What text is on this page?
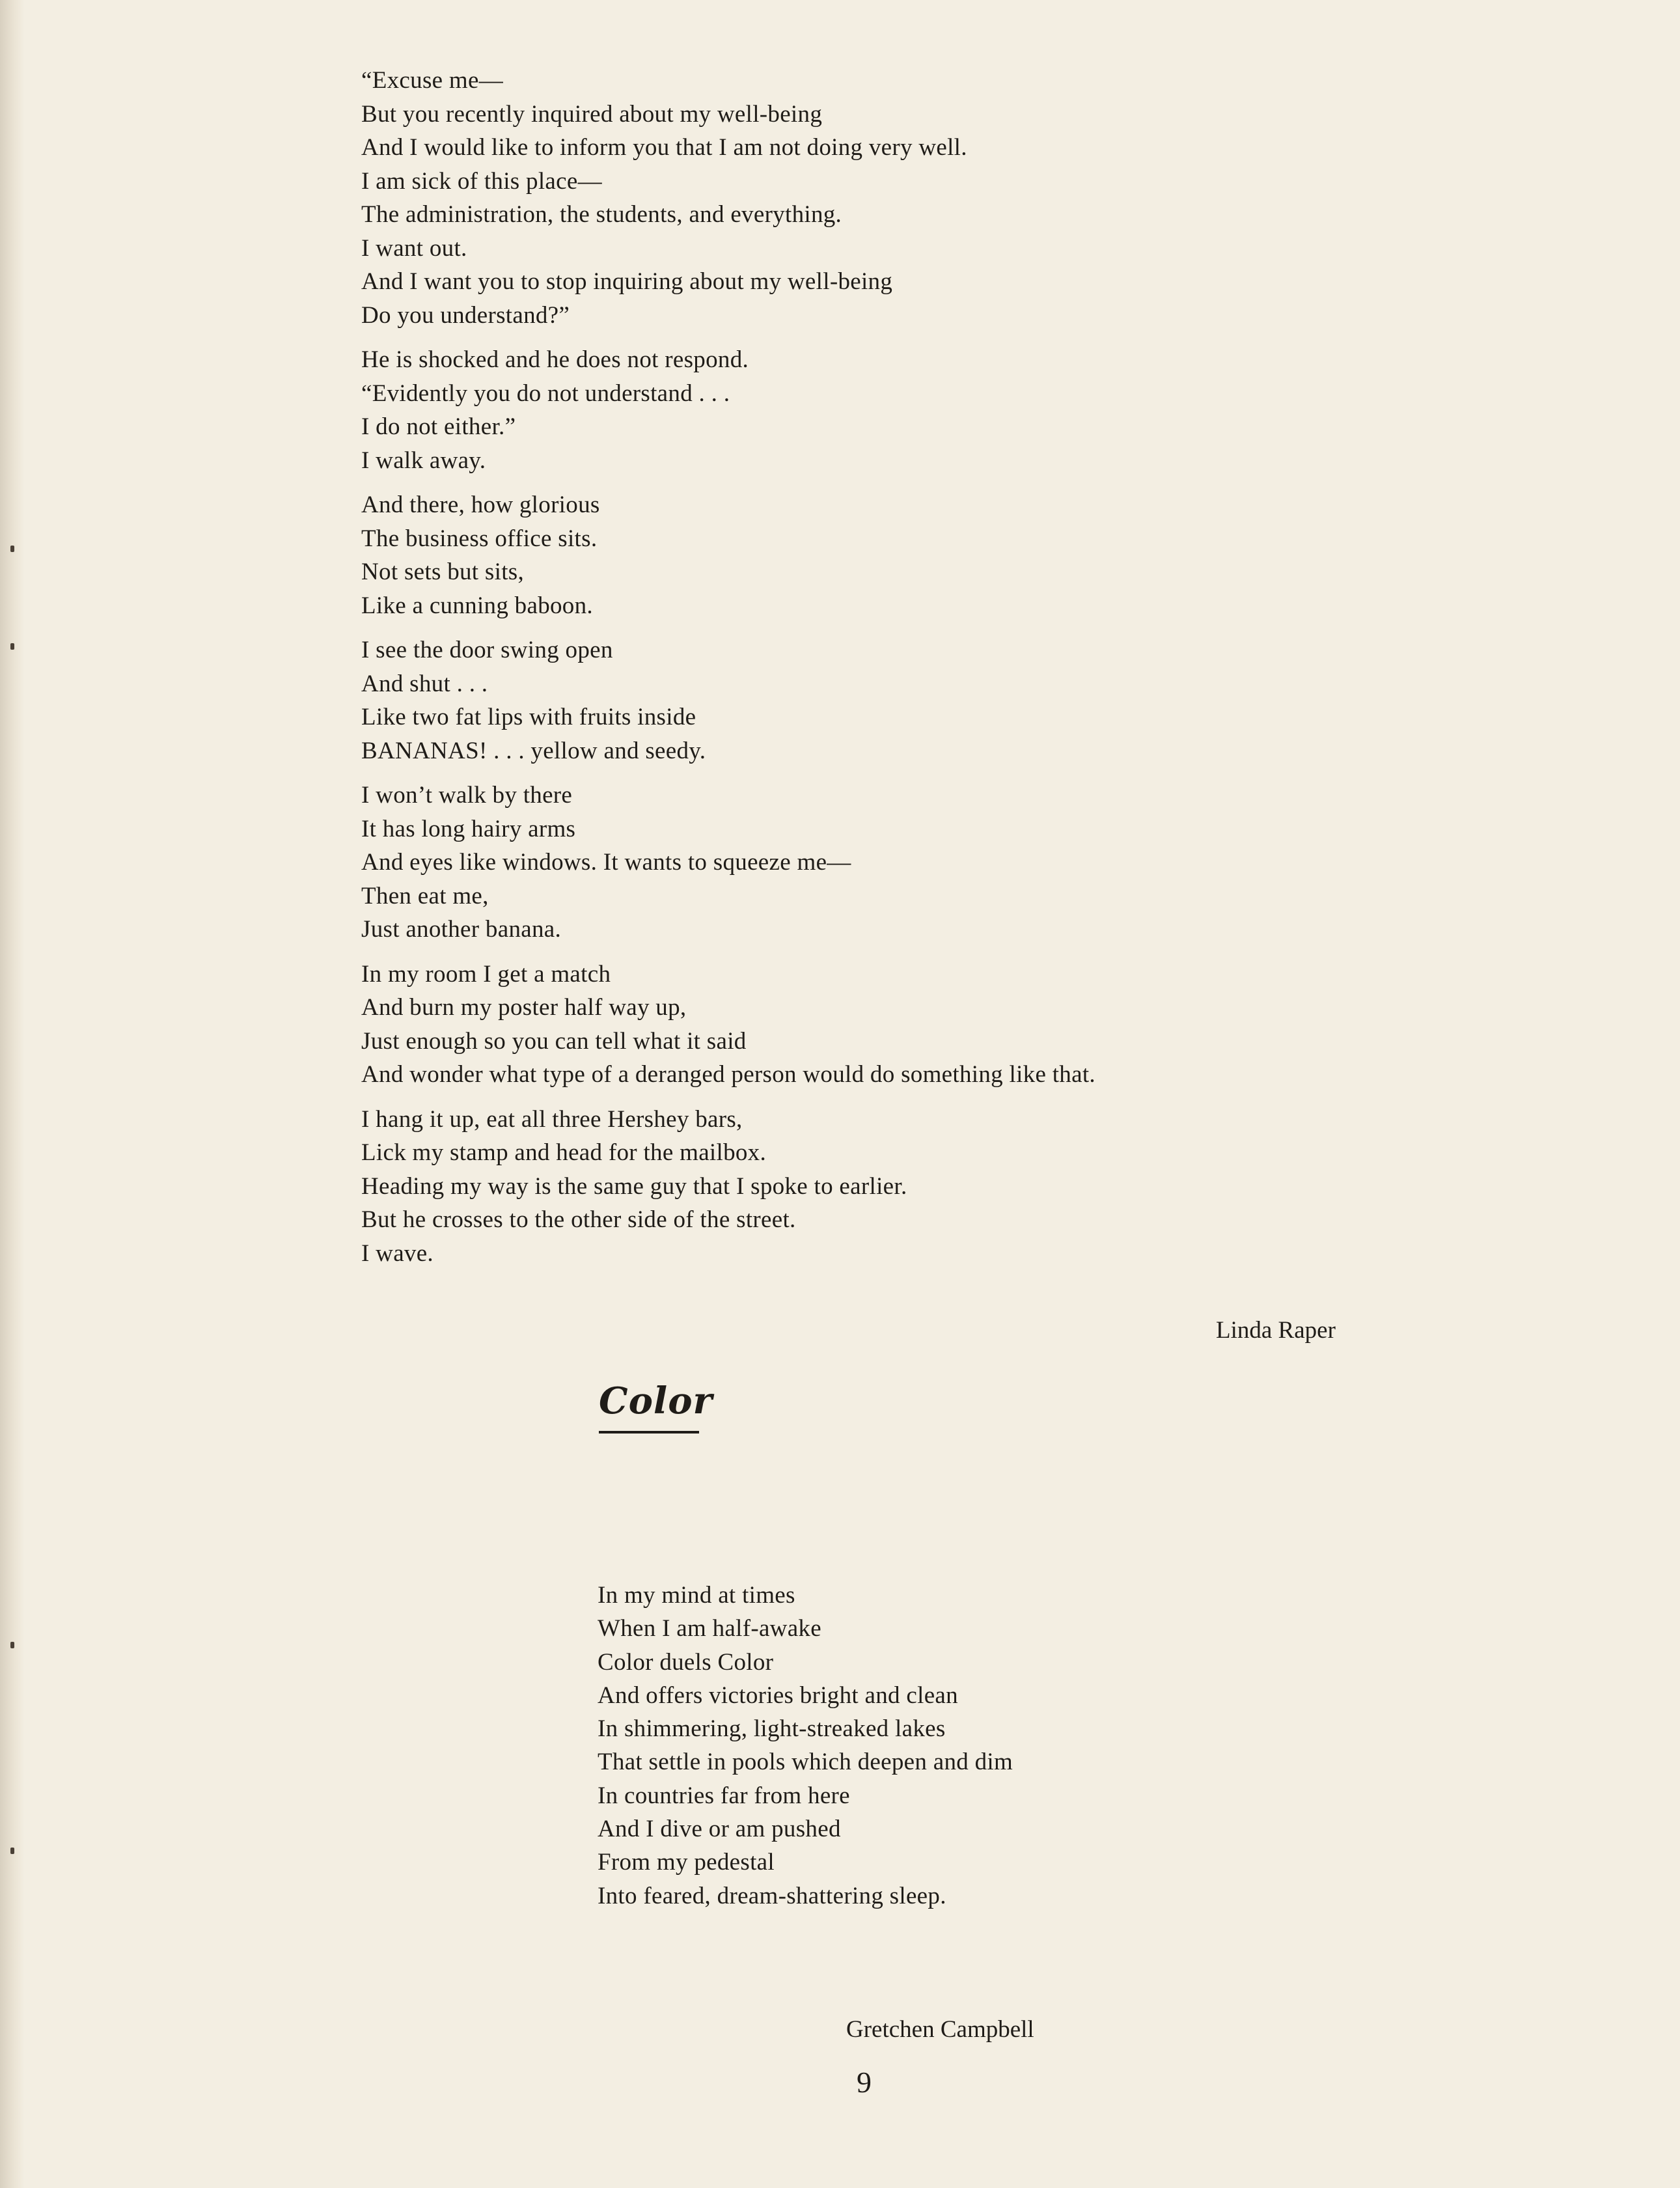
“Excuse me—
But you recently inquired about my well-being
And I would like to inform you that I am not doing very well.
I am sick of this place—
The administration, the students, and everything.
I want out.
And I want you to stop inquiring about my well-being
Do you understand?”
He is shocked and he does not respond.
“Evidently you do not understand . . .
I do not either.”
I walk away.
And there, how glorious
The business office sits.
Not sets but sits,
Like a cunning baboon.
I see the door swing open
And shut . . .
Like two fat lips with fruits inside
BANANAS! . . . yellow and seedy.
I won’t walk by there
It has long hairy arms
And eyes like windows. It wants to squeeze me—
Then eat me,
Just another banana.
In my room I get a match
And burn my poster half way up,
Just enough so you can tell what it said
And wonder what type of a deranged person would do something like that.
I hang it up, eat all three Hershey bars,
Lick my stamp and head for the mailbox.
Heading my way is the same guy that I spoke to earlier.
But he crosses to the other side of the street.
I wave.
Linda Raper
Color
In my mind at times
When I am half-awake
Color duels Color
And offers victories bright and clean
In shimmering, light-streaked lakes
That settle in pools which deepen and dim
In countries far from here
And I dive or am pushed
From my pedestal
Into feared, dream-shattering sleep.
Gretchen Campbell
9
